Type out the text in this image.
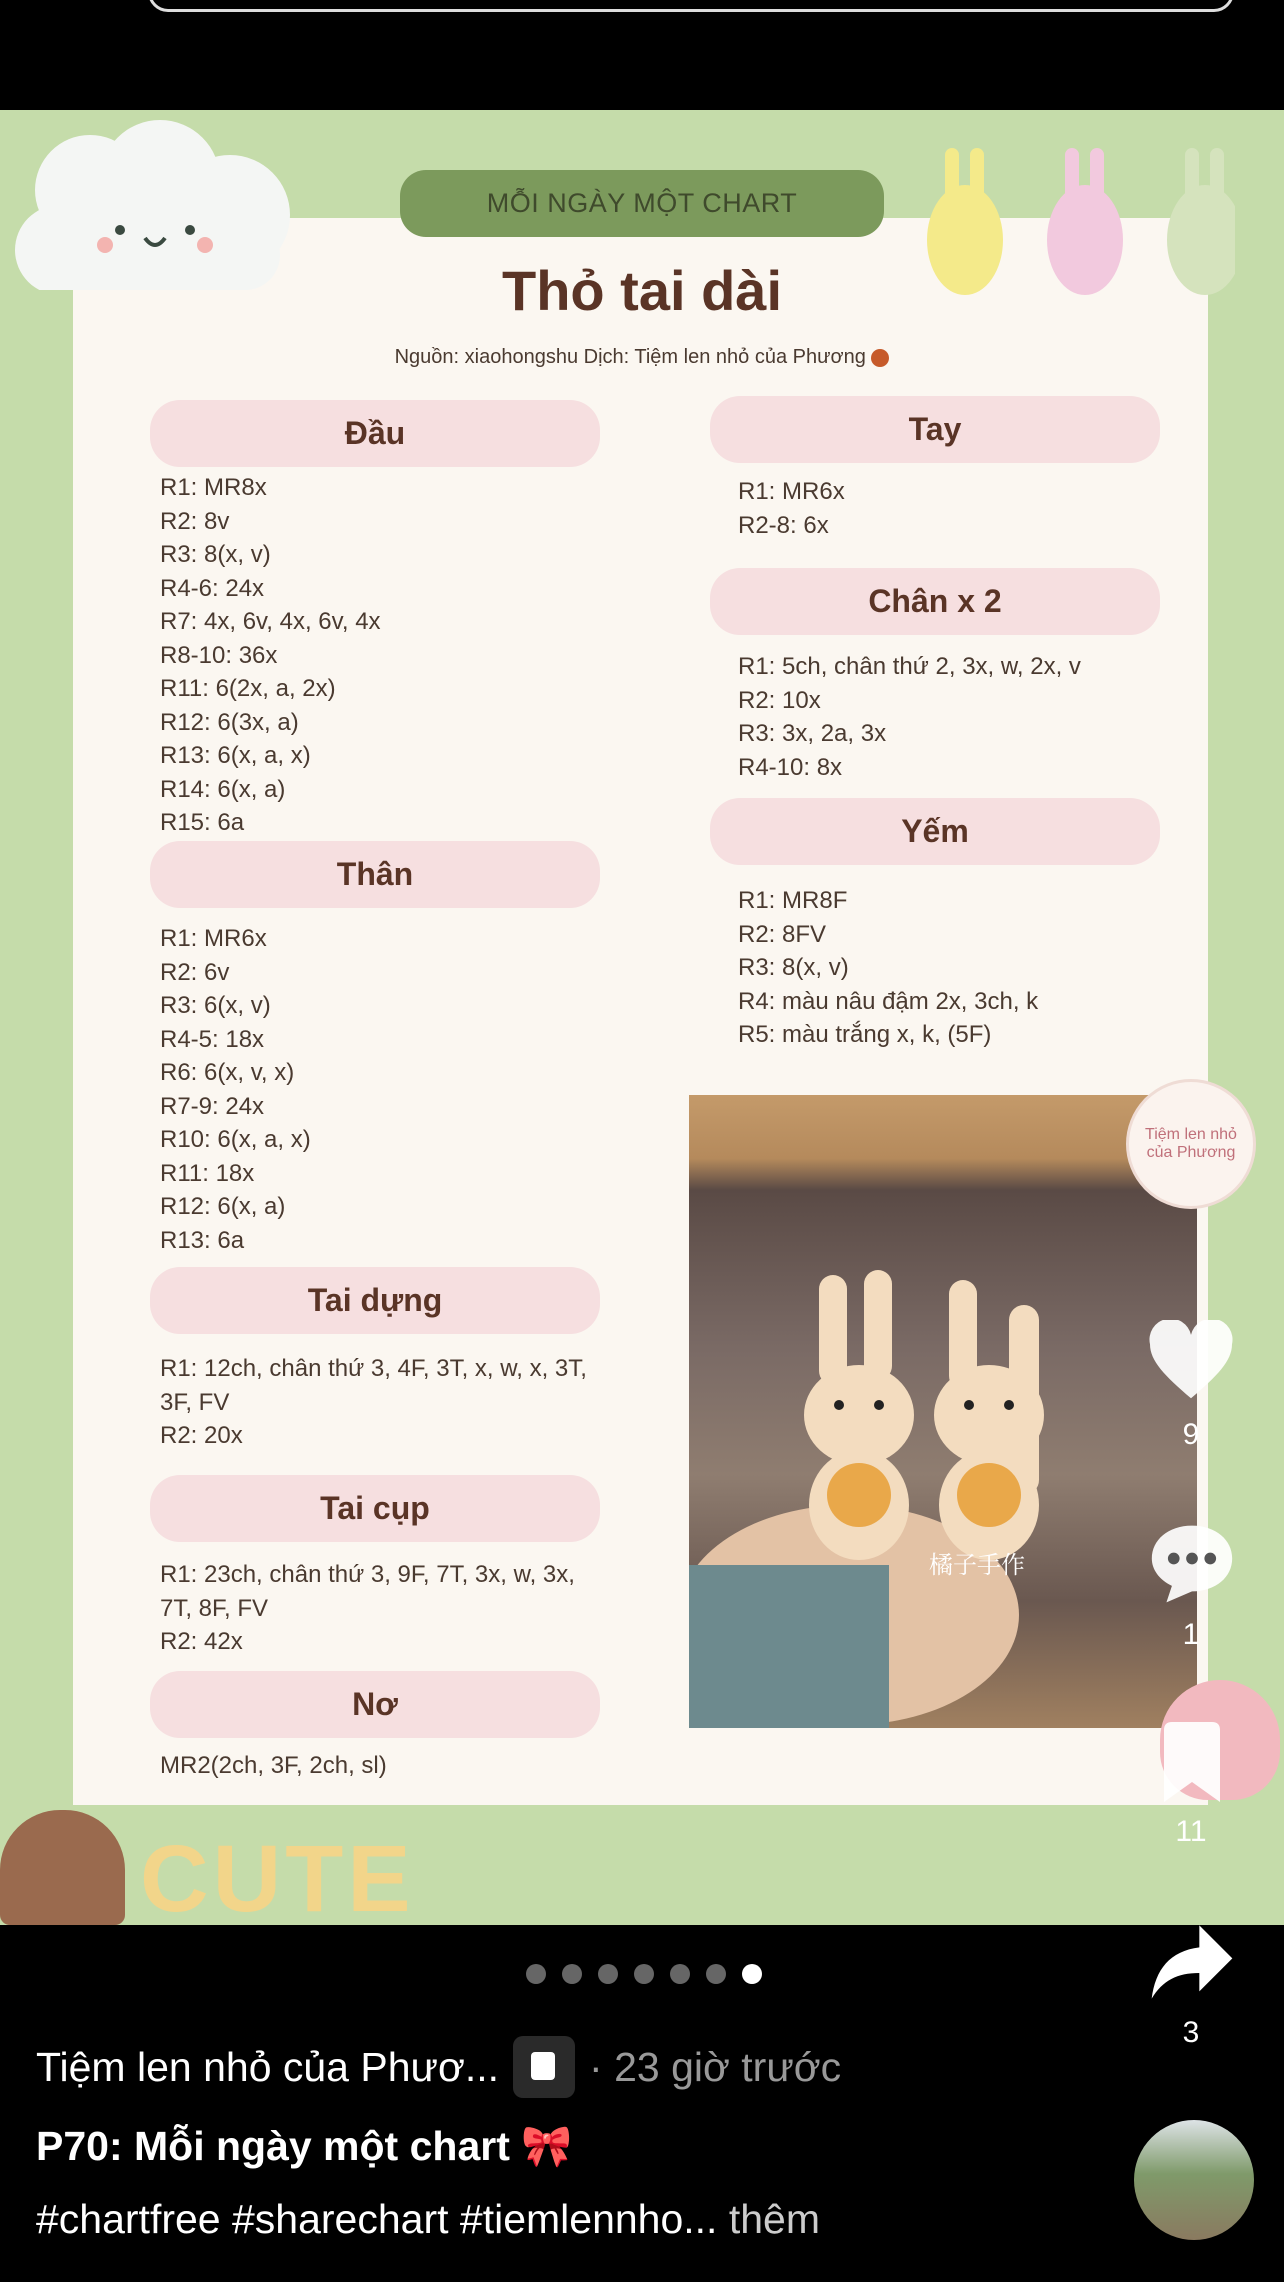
MỖI NGÀY MỘT CHART
Thỏ tai dài
Nguồn: xiaohongshu Dịch: Tiệm len nhỏ của Phương
Đầu
R1: MR8x
R2: 8v
R3: 8(x, v)
R4-6: 24x
R7: 4x, 6v, 4x, 6v, 4x
R8-10: 36x
R11: 6(2x, a, 2x)
R12: 6(3x, a)
R13: 6(x, a, x)
R14: 6(x, a)
R15: 6a
Thân
R1: MR6x
R2: 6v
R3: 6(x, v)
R4-5: 18x
R6: 6(x, v, x)
R7-9: 24x
R10: 6(x, a, x)
R11: 18x
R12: 6(x, a)
R13: 6a
Tai dựng
R1: 12ch, chân thứ 3, 4F, 3T, x, w, x, 3T,
3F, FV
R2: 20x
Tai cụp
R1: 23ch, chân thứ 3, 9F, 7T, 3x, w, 3x,
7T, 8F, FV
R2: 42x
Nơ
MR2(2ch, 3F, 2ch, sl)
Tay
R1: MR6x
R2-8: 6x
Chân x 2
R1: 5ch, chân thứ 2, 3x, w, 2x, v
R2: 10x
R3: 3x, 2a, 3x
R4-10: 8x
Yếm
R1: MR8F
R2: 8FV
R3: 8(x, v)
R4: màu nâu đậm 2x, 3ch, k
R5: màu trắng x, k, (5F)
橘子手作
CUTE
Tiệm len nhỏ của Phương
9
1
11
3
Tiệm len nhỏ của Phươ... · 23 giờ trước
P70: Mỗi ngày một chart 🎀
#chartfree #sharechart #tiemlennho... thêm
